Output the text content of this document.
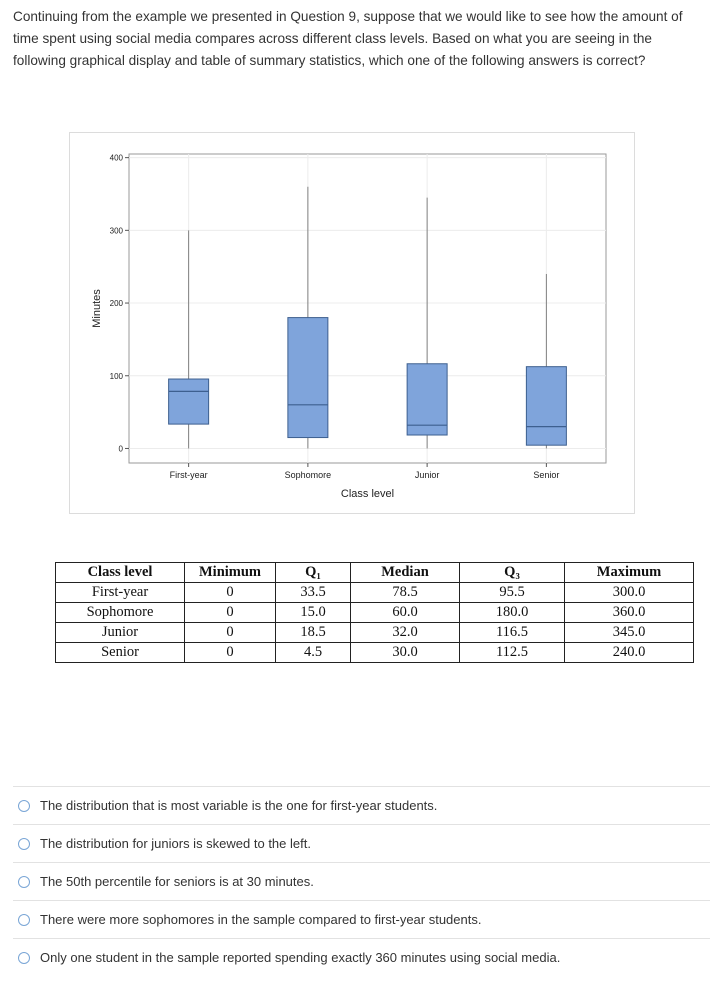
Continuing from the example we presented in Question 9, suppose that we would like to see how the amount of time spent using social media compares across different class levels. Based on what you are seeing in the following graphical display and table of summary statistics, which one of the following answers is correct?
0
100
200
300
400
First-year	Sophomore	Junior	Senior
Class level
Minutes
Class level	Minimum	Q₁	Median	Q₃	Maximum
First-year	0	33.5	78.5	95.5	300.0
Sophomore	0	15.0	60.0	180.0	360.0
Junior	0	18.5	32.0	116.5	345.0
Senior	0	4.5	30.0	112.5	240.0
The distribution that is most variable is the one for first-year students.
The distribution for juniors is skewed to the left.
The 50th percentile for seniors is at 30 minutes.
There were more sophomores in the sample compared to first-year students.
Only one student in the sample reported spending exactly 360 minutes using social media.
